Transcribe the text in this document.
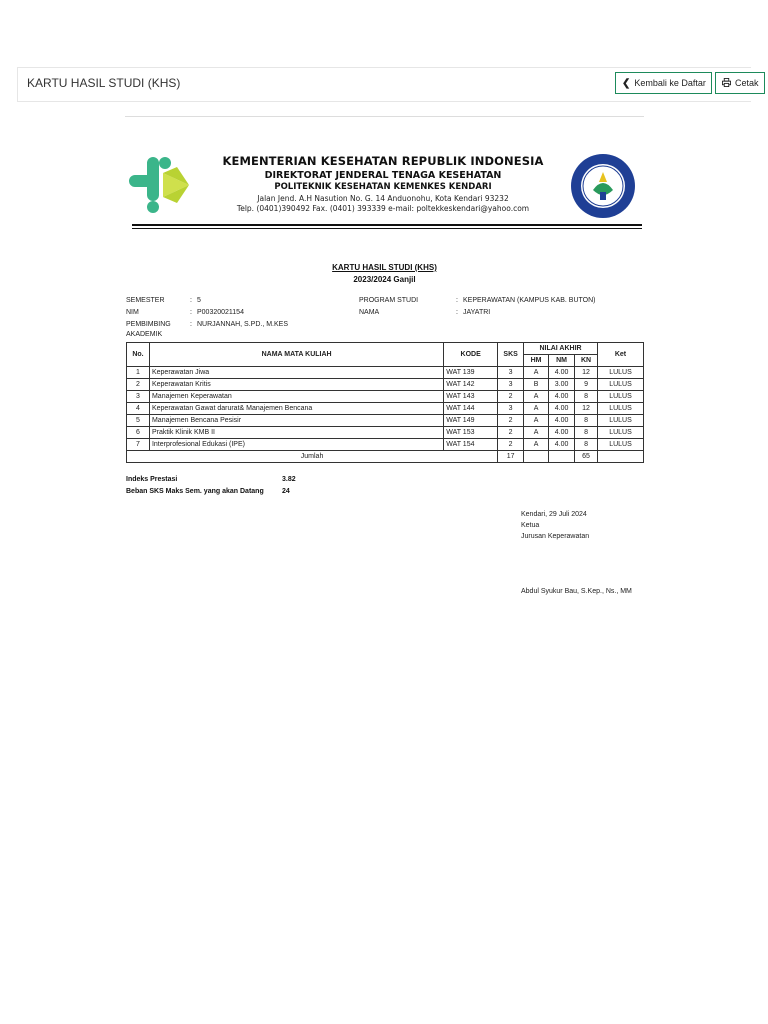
KARTU HASIL STUDI (KHS)	❮ Kembali ke Daftar	Cetak
KEMENTERIAN KESEHATAN REPUBLIK INDONESIA
DIREKTORAT JENDERAL TENAGA KESEHATAN
POLITEKNIK KESEHATAN KEMENKES KENDARI
Jalan Jend. A.H Nasution No. G. 14 Anduonohu, Kota Kendari 93232
Telp. (0401)390492 Fax. (0401) 393339 e-mail: poltekkeskendari@yahoo.com
KARTU HASIL STUDI (KHS)
2023/2024 Ganjil
SEMESTER	: 5
NIM	: P00320021154
PEMBIMBING
AKADEMIK
: NURJANNAH, S.PD., M.KES
PROGRAM STUDI	: KEPERAWATAN (KAMPUS KAB. BUTON)
NAMA	: JAYATRI
No.	NAMA MATA KULIAH	KODE	SKS	NILAI AKHIR			Ket
				HM	NM	KN	
1	Keperawatan Jiwa	WAT 139	3	A	4.00	12	LULUS
2	Keperawatan Kritis	WAT 142	3	B	3.00	9	LULUS
3	Manajemen Keperawatan	WAT 143	2	A	4.00	8	LULUS
4	Keperawatan Gawat darurat& Manajemen Bencana	WAT 144	3	A	4.00	12	LULUS
5	Manajemen Bencana Pesisir	WAT 149	2	A	4.00	8	LULUS
6	Praktik Klinik KMB II	WAT 153	2	A	4.00	8	LULUS
7	Interprofesional Edukasi (IPE)	WAT 154	2	A	4.00	8	LULUS
Jumlah			17			65	
Indeks Prestasi	3.82
Beban SKS Maks Sem. yang akan Datang	24
Kendari, 29 Juli 2024
Ketua
Jurusan Keperawatan
Abdul Syukur Bau, S.Kep., Ns., MM
